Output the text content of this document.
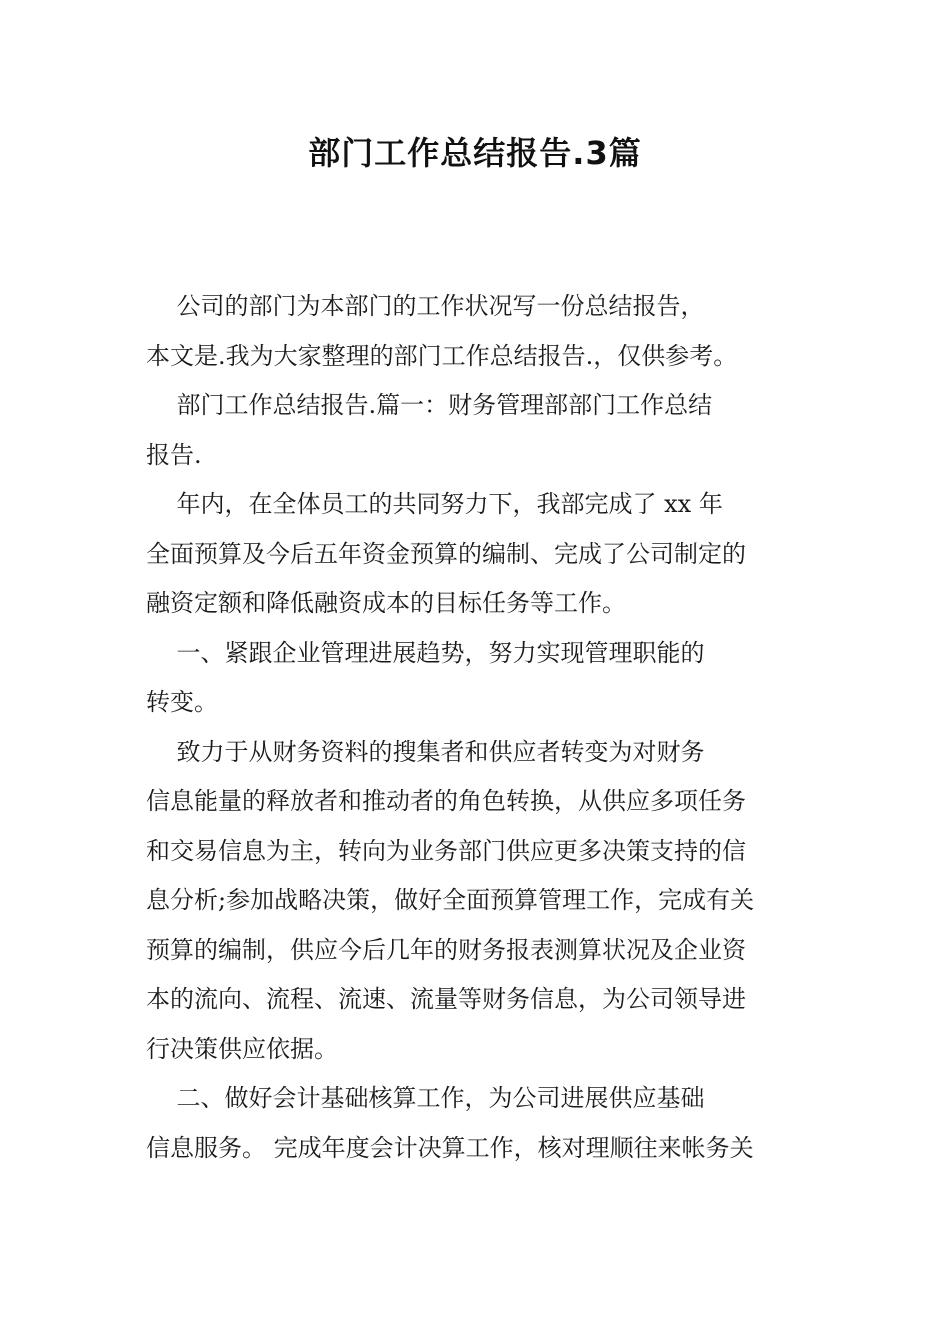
部门工作总结报告.3篇
公司的部门为本部门的工作状况写一份总结报告，
本文是.我为大家整理的部门工作总结报告.，仅供参考。
部门工作总结报告.篇一：财务管理部部门工作总结
报告.
年内，在全体员工的共同努力下，我部完成了 xx 年
全面预算及今后五年资金预算的编制、完成了公司制定的
融资定额和降低融资成本的目标任务等工作。
一、紧跟企业管理进展趋势，努力实现管理职能的
转变。
致力于从财务资料的搜集者和供应者转变为对财务
信息能量的释放者和推动者的角色转换，从供应多项任务
和交易信息为主，转向为业务部门供应更多决策支持的信
息分析;参加战略决策，做好全面预算管理工作，完成有关
预算的编制，供应今后几年的财务报表测算状况及企业资
本的流向、流程、流速、流量等财务信息，为公司领导进
行决策供应依据。
二、做好会计基础核算工作，为公司进展供应基础
信息服务。 完成年度会计决算工作，核对理顺往来帐务关
